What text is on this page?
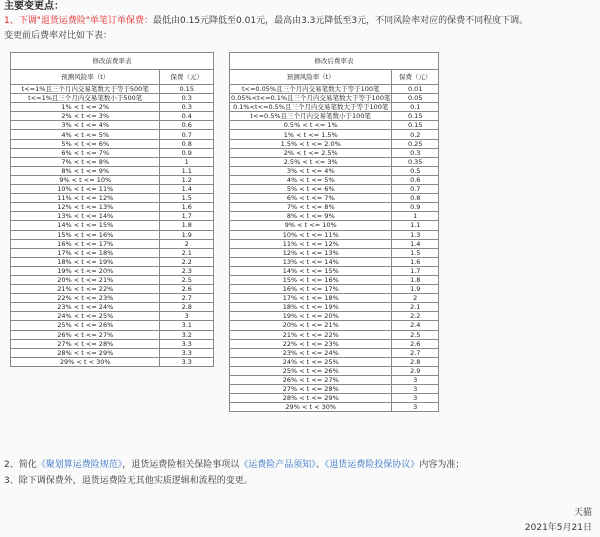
主要变更点：
1、下调"退货运费险"单笔订单保费：最低由0.15元降低至0.01元，最高由3.3元降低至3元，不同风险率对应的保费不同程度下调。
变更前后费率对比如下表：
修改前费率表	
预测风险率（t）	保费（元）
t<=1%且三个月内交易笔数大于等于500笔	0.15
t<=1%且三个月内交易笔数小于500笔	0.3
1% < t <= 2%	0.3
2% < t <= 3%	0.4
3% < t <= 4%	0.6
4% < t <= 5%	0.7
5% < t <= 6%	0.8
6% < t <= 7%	0.9
7% < t <= 8%	1
8% < t <= 9%	1.1
9% < t <= 10%	1.2
10% < t <= 11%	1.4
11% < t <= 12%	1.5
12% < t <= 13%	1.6
13% < t <= 14%	1.7
14% < t <= 15%	1.8
15% < t <= 16%	1.9
16% < t <= 17%	2
17% < t <= 18%	2.1
18% < t <= 19%	2.2
19% < t <= 20%	2.3
20% < t <= 21%	2.5
21% < t <= 22%	2.6
22% < t <= 23%	2.7
23% < t <= 24%	2.8
24% < t <= 25%	3
25% < t <= 26%	3.1
26% < t <= 27%	3.2
27% < t <= 28%	3.3
28% < t <= 29%	3.3
29% < t < 30%	3.3
修改后费率表	
预测风险率（t）	保费（元）
t<=0.05%且三个月内交易笔数大于等于100笔	0.01
0.05%<t<=0.1%且三个月内交易笔数大于等于100笔	0.05
0.1%<t<=0.5%且三个月内交易笔数大于等于100笔	0.1
t<=0.5%且三个月内交易笔数小于100笔	0.15
0.5% < t <= 1%	0.15
1% < t <= 1.5%	0.2
1.5% < t <= 2.0%	0.25
2% < t <= 2.5%	0.3
2.5% < t <= 3%	0.35
3% < t <= 4%	0.5
4% < t <= 5%	0.6
5% < t <= 6%	0.7
6% < t <= 7%	0.8
7% < t <= 8%	0.9
8% < t <= 9%	1
9% < t <= 10%	1.1
10% < t <= 11%	1.3
11% < t <= 12%	1.4
12% < t <= 13%	1.5
13% < t <= 14%	1.6
14% < t <= 15%	1.7
15% < t <= 16%	1.8
16% < t <= 17%	1.9
17% < t <= 18%	2
18% < t <= 19%	2.1
19% < t <= 20%	2.2
20% < t <= 21%	2.4
21% < t <= 22%	2.5
22% < t <= 23%	2.6
23% < t <= 24%	2.7
24% < t <= 25%	2.8
25% < t <= 26%	2.9
26% < t <= 27%	3
27% < t <= 28%	3
28% < t <= 29%	3
29% < t < 30%	3
2、简化《聚划算运费险规范》，退货运费险相关保险事项以《运费险产品须知》、《退货运费险投保协议》内容为准；
3、除下调保费外，退货运费险无其他实质逻辑和流程的变更。
天猫
2021年5月21日
